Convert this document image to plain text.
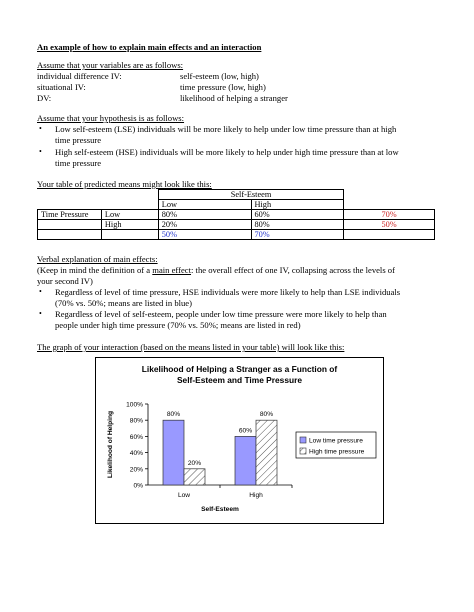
An example of how to explain main effects and an interaction
Assume that your variables are as follows:
individual difference IV:	self-esteem (low, high)
situational IV:	time pressure (low, high)
DV:	likelihood of helping a stranger
Assume that your hypothesis is as follows:
• Low self-esteem (LSE) individuals will be more likely to help under low time pressure than at high
time pressure
• High self-esteem (HSE) individuals will be more likely to help under high time pressure than at low
time pressure
Your table of predicted means might look like this:
		Self-Esteem		
		Low	High	
Time Pressure	Low	80%	60%	70%
	High	20%	80%	50%
		50%	70%	
Verbal explanation of main effects:
(Keep in mind the definition of a main effect: the overall effect of one IV, collapsing across the levels of
your second IV)
• Regardless of level of time pressure, HSE individuals were more likely to help than LSE individuals
(70% vs. 50%; means are listed in blue)
• Regardless of level of self-esteem, people under low time pressure were more likely to help than
people under high time pressure (70% vs. 50%; means are listed in red)
The graph of your interaction (based on the means listed in your table) will look like this:
Likelihood of Helping a Stranger as a Function of
Self-Esteem and Time Pressure
0%
20%
40%
60%
80%
100%
Likelihood of Helping	80%
20%
Low
60%
80%
High
Self-Esteem
Low time pressure
High time pressure
